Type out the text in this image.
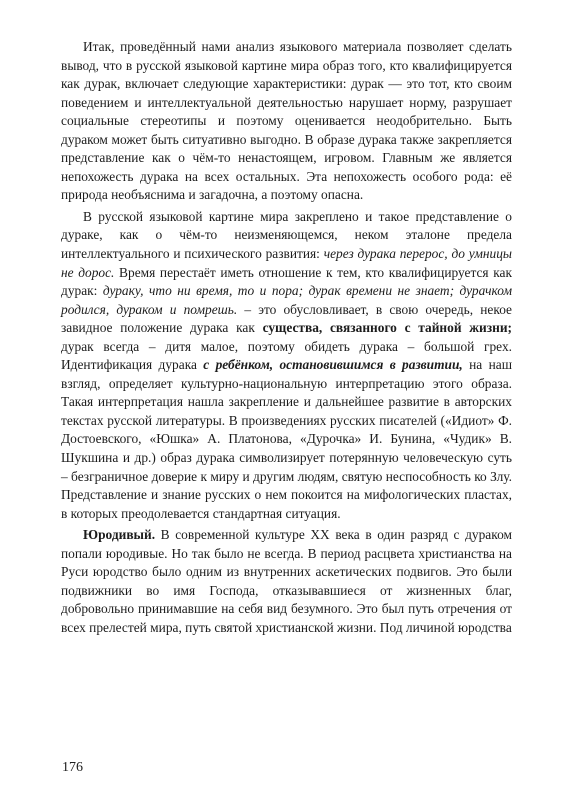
Итак, проведённый нами анализ языкового материала позволяет сделать вывод, что в русской языковой картине мира образ того, кто квалифицируется как дурак, включает следующие характеристики: дурак — это тот, кто своим поведением и интеллектуальной деятельностью нарушает норму, разрушает социальные стереотипы и поэтому оценивается неодобрительно. Быть дураком может быть ситуативно выгодно. В образе дурака также закрепляется представление как о чём-то ненастоящем, игровом. Главным же является непохожесть дурака на всех остальных. Эта непохожесть особого рода: её природа необъяснима и загадочна, а поэтому опасна.

В русской языковой картине мира закреплено и такое представление о дураке, как о чём-то неизменяющемся, неком эталоне предела интеллектуального и психического развития: через дурака перерос, до умницы не дорос. Время перестаёт иметь отношение к тем, кто квалифицируется как дурак: дураку, что ни время, то и пора; дурак времени не знает; дурачком родился, дураком и помрешь. – это обусловливает, в свою очередь, некое завидное положение дурака как существа, связанного с тайной жизни; дурак всегда – дитя малое, поэтому обидеть дурака – большой грех. Идентификация дурака с ребёнком, остановившимся в развитии, на наш взгляд, определяет культурно-национальную интерпретацию этого образа. Такая интерпретация нашла закрепление и дальнейшее развитие в авторских текстах русской литературы. В произведениях русских писателей («Идиот» Ф. Достоевского, «Юшка» А. Платонова, «Дурочка» И. Бунина, «Чудик» В. Шукшина и др.) образ дурака символизирует потерянную человеческую суть – безграничное доверие к миру и другим людям, святую неспособность ко Злу. Представление и знание русских о нем покоится на мифологических пластах, в которых преодолевается стандартная ситуация.

Юродивый. В современной культуре XX века в один разряд с дураком попали юродивые. Но так было не всегда. В период расцвета христианства на Руси юродство было одним из внутренних аскетических подвигов. Это были подвижники во имя Господа, отказывавшиеся от жизненных благ, добровольно принимавшие на себя вид безумного. Это был путь отречения от всех прелестей мира, путь святой христианской жизни. Под личиной юродства

176
